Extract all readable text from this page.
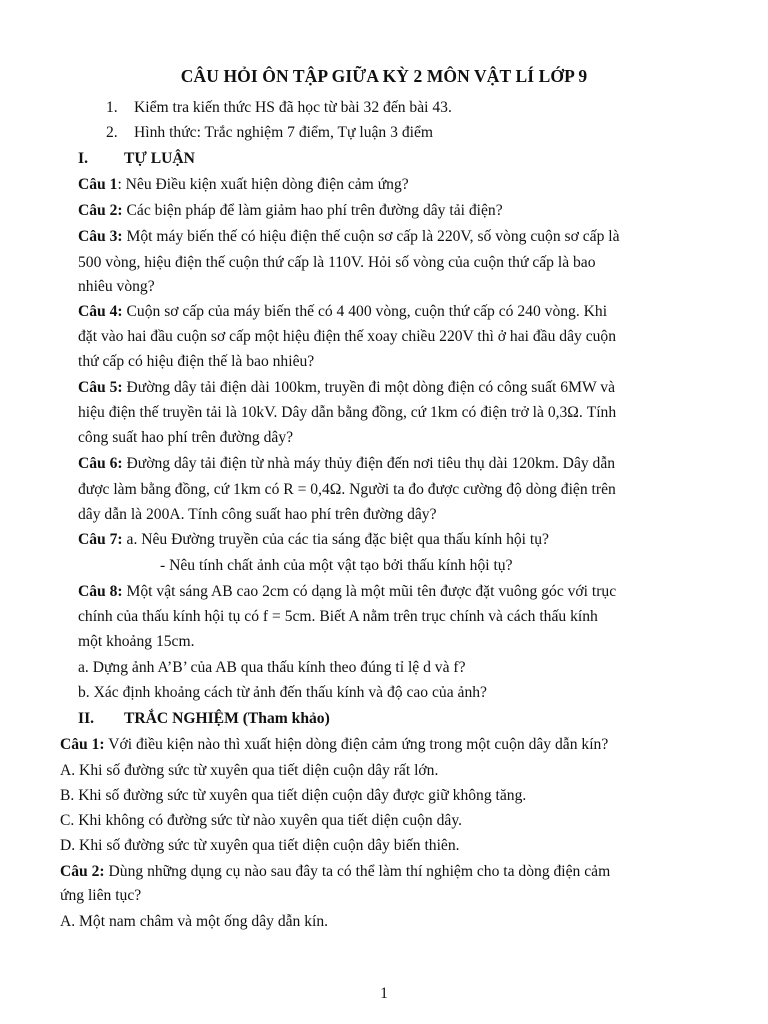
CÂU HỎI ÔN TẬP GIỮA KỲ 2 MÔN VẬT LÍ LỚP 9
1. Kiểm tra kiến thức HS đã học từ bài 32 đến bài 43.
2. Hình thức: Trắc nghiệm 7 điểm, Tự luận 3 điểm
I. TỰ LUẬN
Câu 1: Nêu Điều kiện xuất hiện dòng điện cảm ứng?
Câu 2: Các biện pháp để làm giảm hao phí trên đường dây tải điện?
Câu 3: Một máy biến thế có hiệu điện thế cuộn sơ cấp là 220V, số vòng cuộn sơ cấp là
500 vòng, hiệu điện thế cuộn thứ cấp là 110V. Hỏi số vòng của cuộn thứ cấp là bao
nhiêu vòng?
Câu 4: Cuộn sơ cấp của máy biến thế có 4 400 vòng, cuộn thứ cấp có 240 vòng. Khi
đặt vào hai đầu cuộn sơ cấp một hiệu điện thế xoay chiều 220V thì ở hai đầu dây cuộn
thứ cấp có hiệu điện thế là bao nhiêu?
Câu 5: Đường dây tải điện dài 100km, truyền đi một dòng điện có công suất 6MW và
hiệu điện thế truyền tải là 10kV. Dây dẫn bằng đồng, cứ 1km có điện trở là 0,3Ω. Tính
công suất hao phí trên đường dây?
Câu 6: Đường dây tải điện từ nhà máy thủy điện đến nơi tiêu thụ dài 120km. Dây dẫn
được làm bằng đồng, cứ 1km có R = 0,4Ω. Người ta đo được cường độ dòng điện trên
dây dẫn là 200A. Tính công suất hao phí trên đường dây?
Câu 7: a. Nêu Đường truyền của các tia sáng đặc biệt qua thấu kính hội tụ?
- Nêu tính chất ảnh của một vật tạo bởi thấu kính hội tụ?
Câu 8: Một vật sáng AB cao 2cm có dạng là một mũi tên được đặt vuông góc với trục
chính của thấu kính hội tụ có f = 5cm. Biết A nằm trên trục chính và cách thấu kính
một khoảng 15cm.
a. Dựng ảnh A’B’ của AB qua thấu kính theo đúng tỉ lệ d và f?
b. Xác định khoảng cách từ ảnh đến thấu kính và độ cao của ảnh?
II. TRẮC NGHIỆM (Tham khảo)
Câu 1: Với điều kiện nào thì xuất hiện dòng điện cảm ứng trong một cuộn dây dẫn kín?
A. Khi số đường sức từ xuyên qua tiết diện cuộn dây rất lớn.
B. Khi số đường sức từ xuyên qua tiết diện cuộn dây được giữ không tăng.
C. Khi không có đường sức từ nào xuyên qua tiết diện cuộn dây.
D. Khi số đường sức từ xuyên qua tiết diện cuộn dây biến thiên.
Câu 2: Dùng những dụng cụ nào sau đây ta có thể làm thí nghiệm cho ta dòng điện cảm
ứng liên tục?
A. Một nam châm và một ống dây dẫn kín.
1
